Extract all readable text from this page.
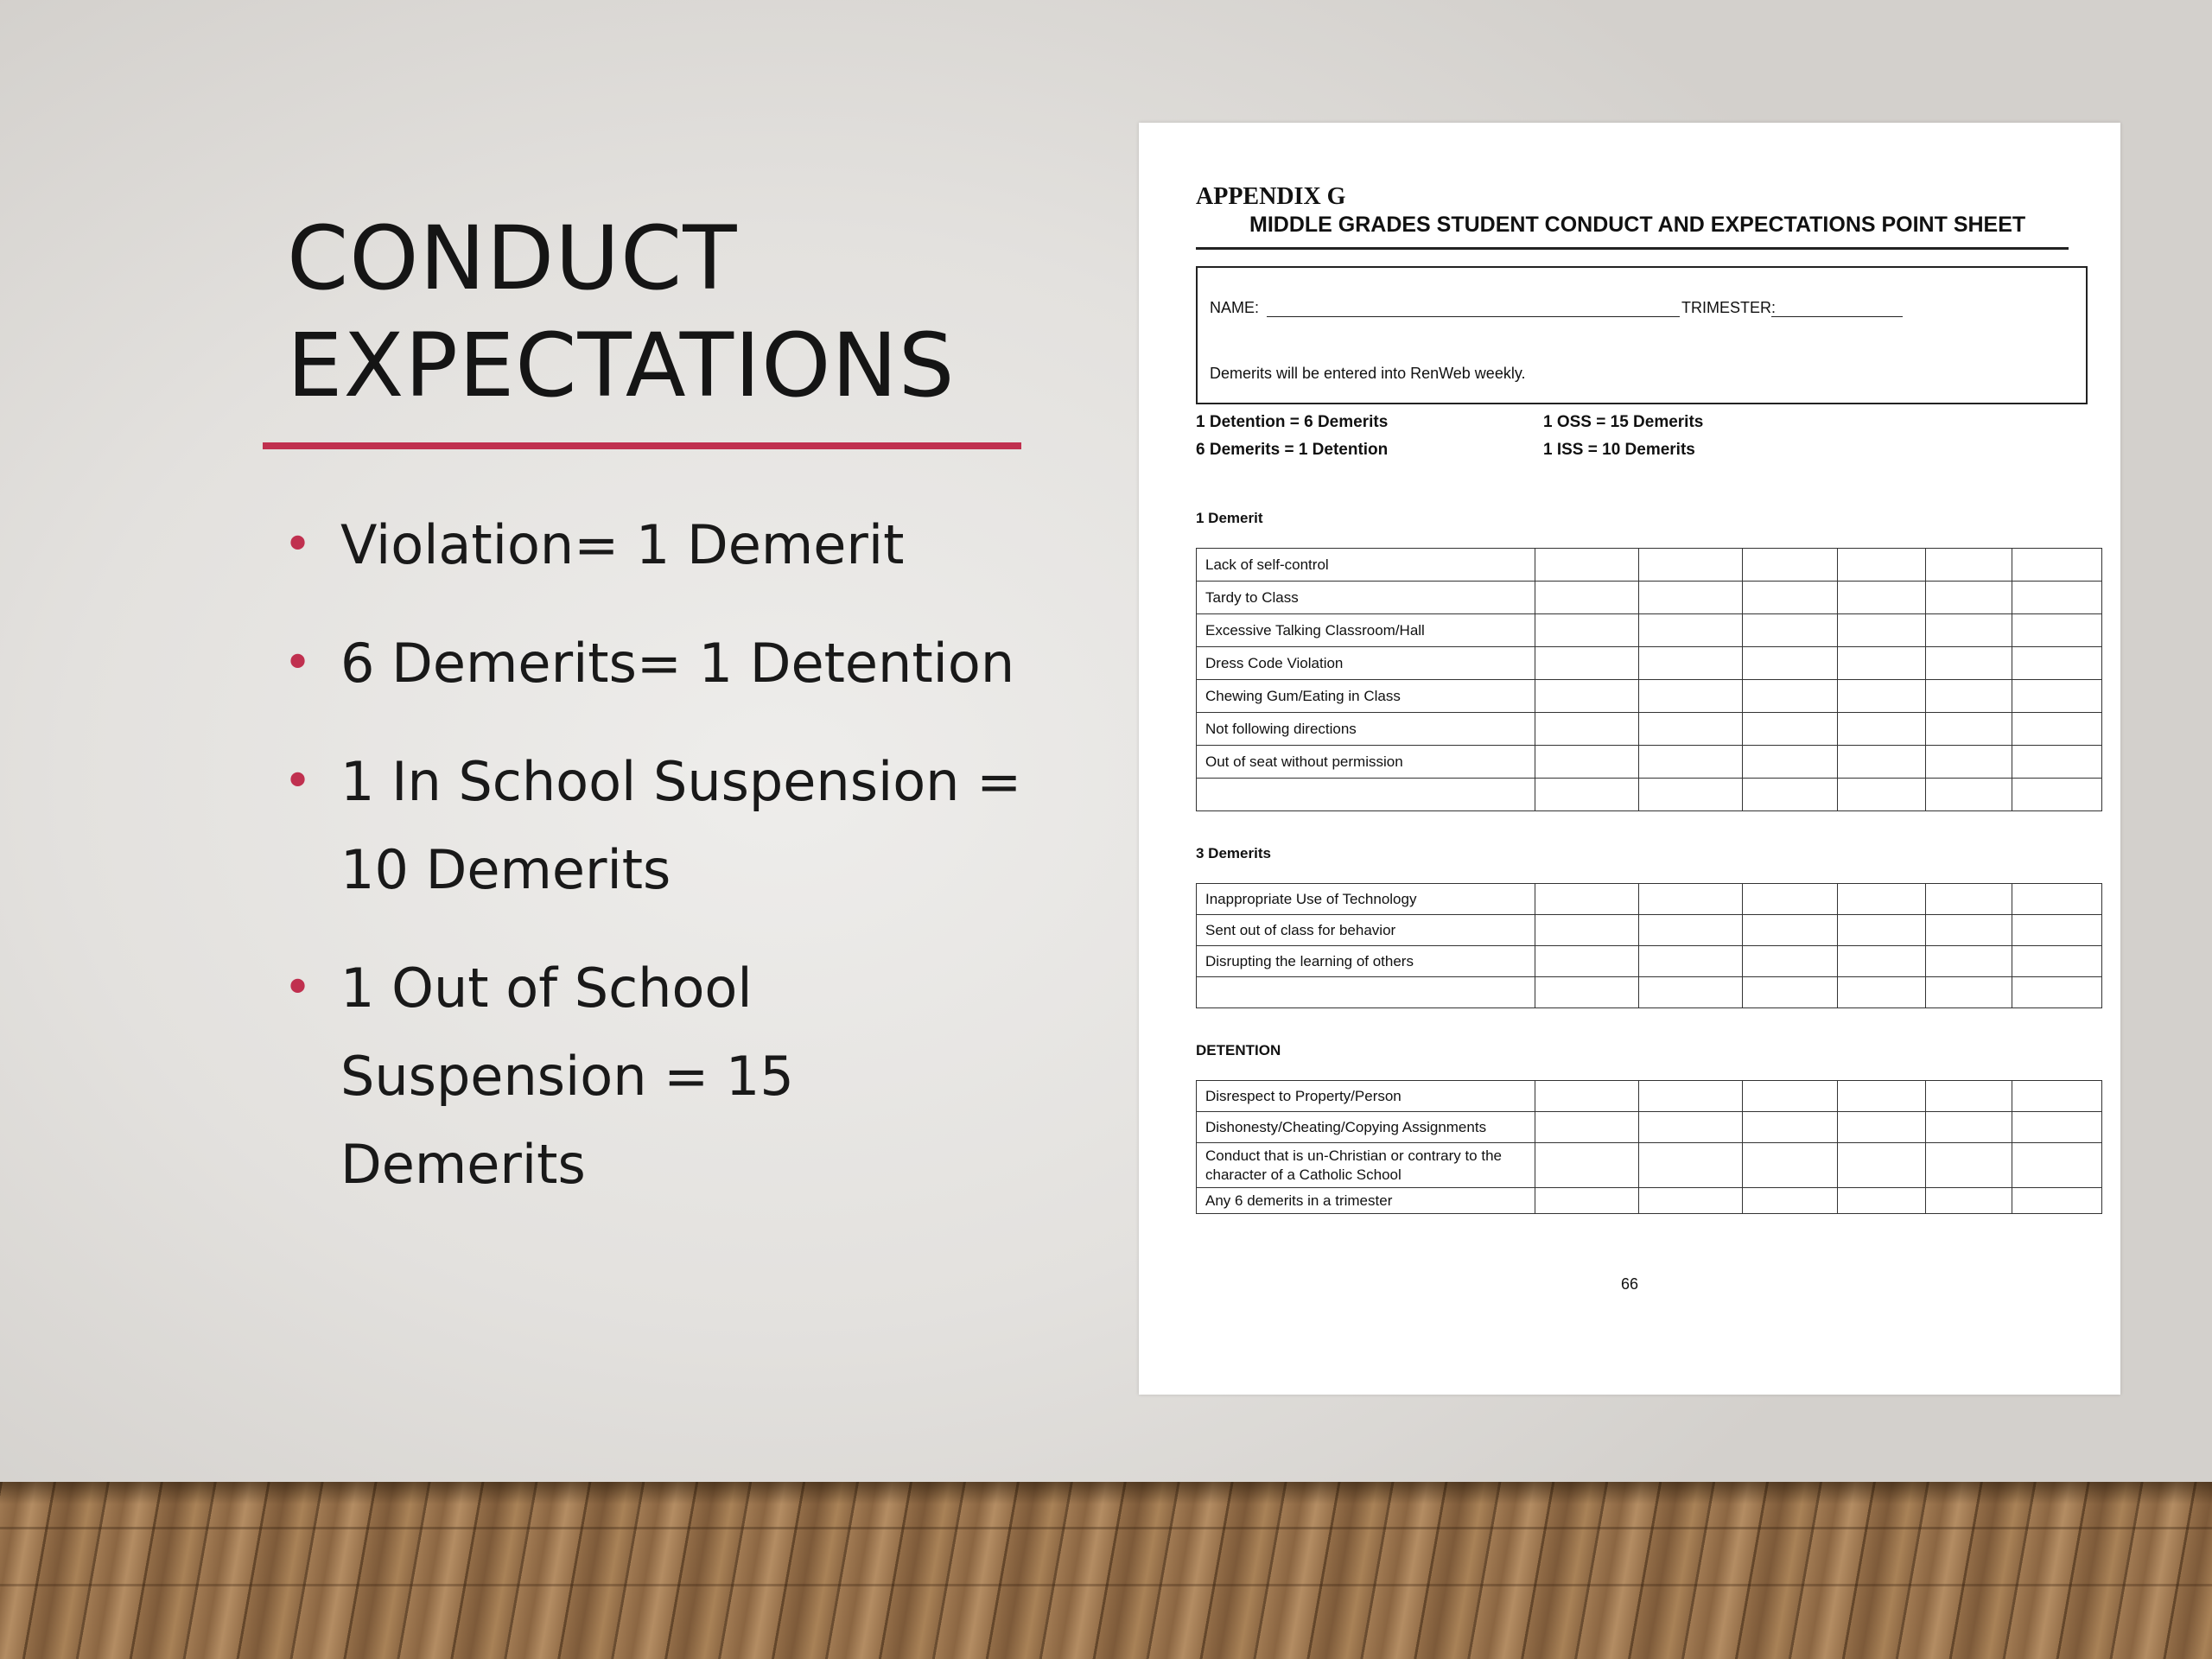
CONDUCT
EXPECTATIONS
• Violation= 1 Demerit
• 6 Demerits= 1 Detention
• 1 In School Suspension =
10 Demerits
• 1 Out of School
Suspension = 15
Demerits
APPENDIX G
MIDDLE GRADES STUDENT CONDUCT AND EXPECTATIONS POINT SHEET
NAME:	TRIMESTER:
Demerits will be entered into RenWeb weekly.
1 Detention = 6 Demerits
6 Demerits = 1 Detention
1 OSS = 15 Demerits
1 ISS = 10 Demerits
1 Demerit
Lack of self-control						
Tardy to Class						
Excessive Talking Classroom/Hall						
Dress Code Violation						
Chewing Gum/Eating in Class						
Not following directions						
Out of seat without permission						

3 Demerits
Inappropriate Use of Technology						
Sent out of class for behavior						
Disrupting the learning of others						

DETENTION
Disrespect to Property/Person						
Dishonesty/Cheating/Copying Assignments						
Conduct that is un-Christian or contrary to the character of a Catholic School						
Any 6 demerits in a trimester						
66
